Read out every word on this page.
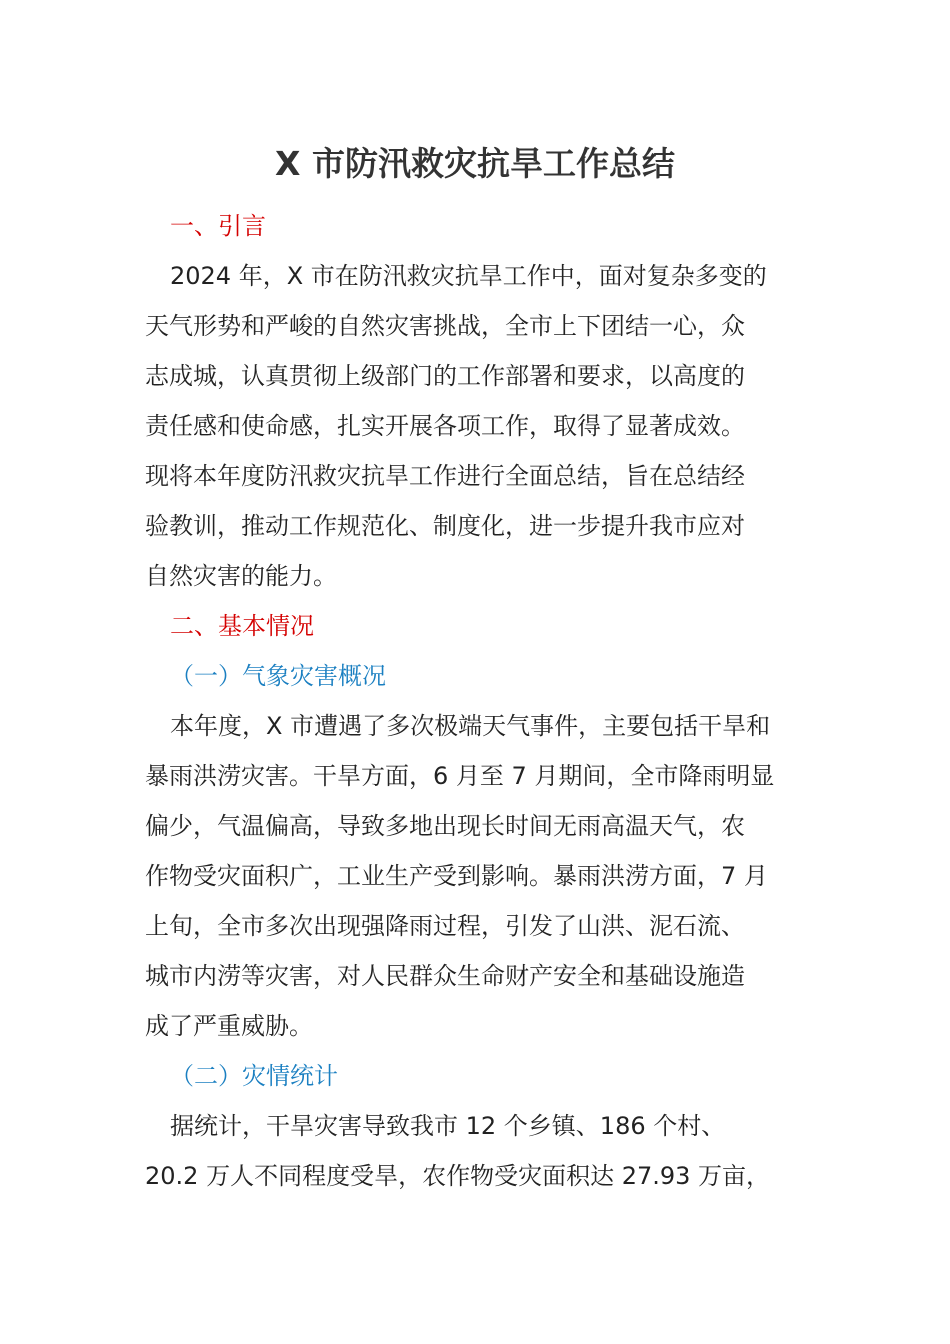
X 市防汛救灾抗旱工作总结
一、引言
2024 年，X 市在防汛救灾抗旱工作中，面对复杂多变的
天气形势和严峻的自然灾害挑战，全市上下团结一心，众
志成城，认真贯彻上级部门的工作部署和要求，以高度的
责任感和使命感，扎实开展各项工作，取得了显著成效。
现将本年度防汛救灾抗旱工作进行全面总结，旨在总结经
验教训，推动工作规范化、制度化，进一步提升我市应对
自然灾害的能力。
二、基本情况
（一）气象灾害概况
本年度，X 市遭遇了多次极端天气事件，主要包括干旱和
暴雨洪涝灾害。干旱方面，6 月至 7 月期间，全市降雨明显
偏少，气温偏高，导致多地出现长时间无雨高温天气，农
作物受灾面积广，工业生产受到影响。暴雨洪涝方面，7 月
上旬，全市多次出现强降雨过程，引发了山洪、泥石流、
城市内涝等灾害，对人民群众生命财产安全和基础设施造
成了严重威胁。
（二）灾情统计
据统计，干旱灾害导致我市 12 个乡镇、186 个村、
20.2 万人不同程度受旱，农作物受灾面积达 27.93 万亩，
